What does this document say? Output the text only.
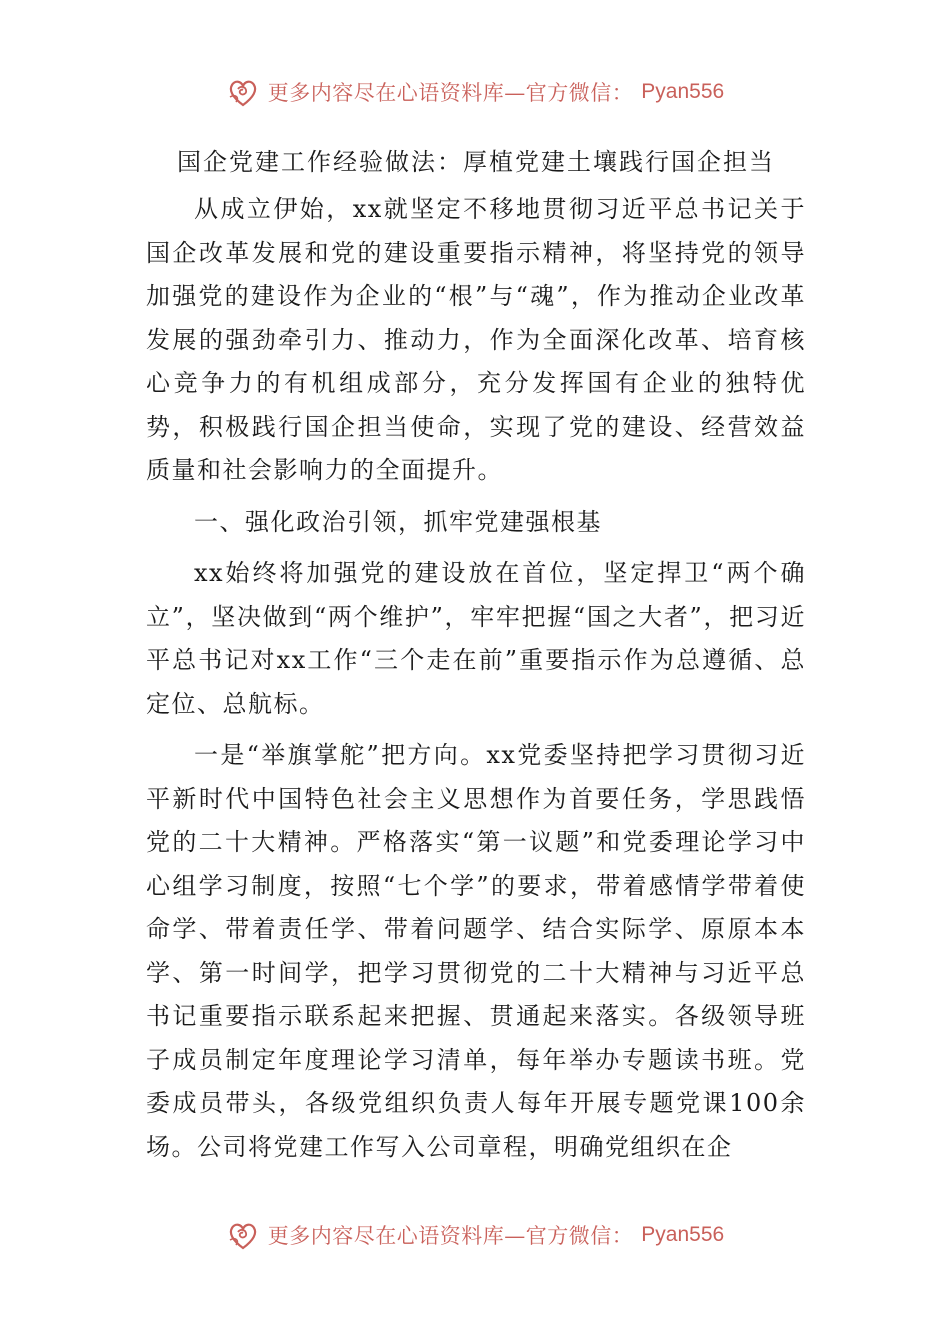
更多内容尽在心语资料库—官方微信： Pyan556
国企党建工作经验做法：厚植党建土壤践行国企担当

从成立伊始，xx就坚定不移地贯彻习近平总书记关于国企改革发展和党的建设重要指示精神，将坚持党的领导加强党的建设作为企业的“根”与“魂”，作为推动企业改革发展的强劲牵引力、推动力，作为全面深化改革、培育核心竞争力的有机组成部分，充分发挥国有企业的独特优势，积极践行国企担当使命，实现了党的建设、经营效益质量和社会影响力的全面提升。

一、强化政治引领，抓牢党建强根基

xx始终将加强党的建设放在首位，坚定捍卫“两个确立”，坚决做到“两个维护”，牢牢把握“国之大者”，把习近平总书记对xx工作“三个走在前”重要指示作为总遵循、总定位、总航标。

一是“举旗掌舵”把方向。xx党委坚持把学习贯彻习近平新时代中国特色社会主义思想作为首要任务，学思践悟党的二十大精神。严格落实“第一议题”和党委理论学习中心组学习制度，按照“七个学”的要求，带着感情学带着使命学、带着责任学、带着问题学、结合实际学、原原本本学、第一时间学，把学习贯彻党的二十大精神与习近平总书记重要指示联系起来把握、贯通起来落实。各级领导班子成员制定年度理论学习清单，每年举办专题读书班。党委成员带头，各级党组织负责人每年开展专题党课100余场。公司将党建工作写入公司章程，明确党组织在企

更多内容尽在心语资料库—官方微信： Pyan556
